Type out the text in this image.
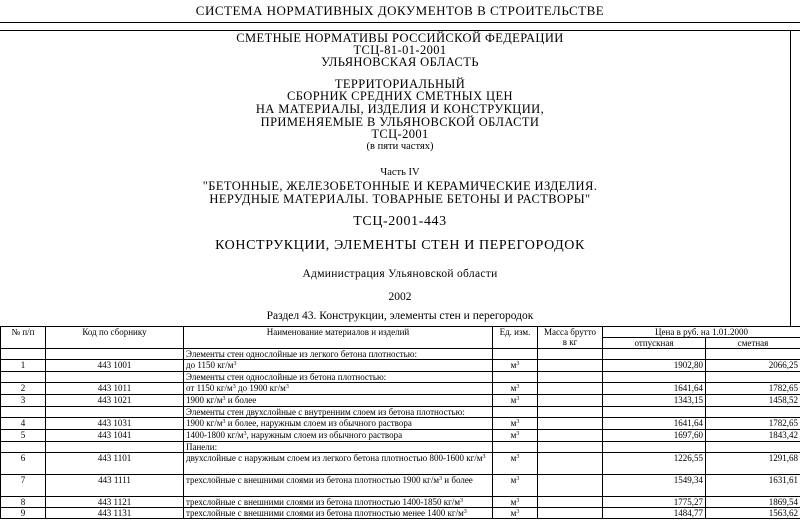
СИСТЕМА НОРМАТИВНЫХ ДОКУМЕНТОВ В СТРОИТЕЛЬСТВЕ
СМЕТНЫЕ НОРМАТИВЫ РОССИЙСКОЙ ФЕДЕРАЦИИ
ТСЦ-81-01-2001
УЛЬЯНОВСКАЯ ОБЛАСТЬ
ТЕРРИТОРИАЛЬНЫЙ
СБОРНИК СРЕДНИХ СМЕТНЫХ ЦЕН
НА МАТЕРИАЛЫ, ИЗДЕЛИЯ И КОНСТРУКЦИИ,
ПРИМЕНЯЕМЫЕ В УЛЬЯНОВСКОЙ ОБЛАСТИ
ТСЦ-2001
(в пяти частях)
Часть IV
"БЕТОННЫЕ, ЖЕЛЕЗОБЕТОННЫЕ И КЕРАМИЧЕСКИЕ ИЗДЕЛИЯ.
НЕРУДНЫЕ МАТЕРИАЛЫ. ТОВАРНЫЕ БЕТОНЫ И РАСТВОРЫ"
ТСЦ-2001-443
КОНСТРУКЦИИ, ЭЛЕМЕНТЫ СТЕН И ПЕРЕГОРОДОК
Администрация Ульяновской области
2002
Раздел 43. Конструкции, элементы стен и перегородок
№ п/п	Код по сборнику	Наименование материалов и изделий	Ед. изм.	Масса брутто
в кг	Цена в руб. на 1.01.2000	
					отпускная	сметная
		Элементы стен однослойные из легкого бетона плотностью:				
1	443 1001	до 1150 $кг/м^3$	$м^3$		1902,80	2066,25
		Элементы стен однослойные из бетона плотностью:				
2	443 1011	от 1150 $кг/м^3$ до 1900 $кг/м^3$	$м^3$		1641,64	1782,65
3	443 1021	1900 $кг/м^3$ и более	$м^3$		1343,15	1458,52
		Элементы стен двухслойные с внутренним слоем из бетона плотностью:				
4	443 1031	1900 $кг/м^3$ и более, наружным слоем из обычного раствора	$м^3$		1641,64	1782,65
5	443 1041	1400-1800 $кг/м^3$, наружным слоем из обычного раствора	$м^3$		1697,60	1843,42
		Панели:				
6	443 1101	двухслойные с наружным слоем из легкого бетона плотностью 800-1600 $кг/м^3$	$м^3$		1226,55	1291,68
7	443 1111	трехслойные с внешними слоями из бетона плотностью 1900 $кг/м^3$ и более	$м^3$		1549,34	1631,61
8	443 1121	трехслойные с внешними слоями из бетона плотностью 1400-1850 $кг/м^3$	$м^3$		1775,27	1869,54
9	443 1131	трехслойные с внешними слоями из бетона плотностью менее 1400 $кг/м^3$	$м^3$		1484,77	1563,62
